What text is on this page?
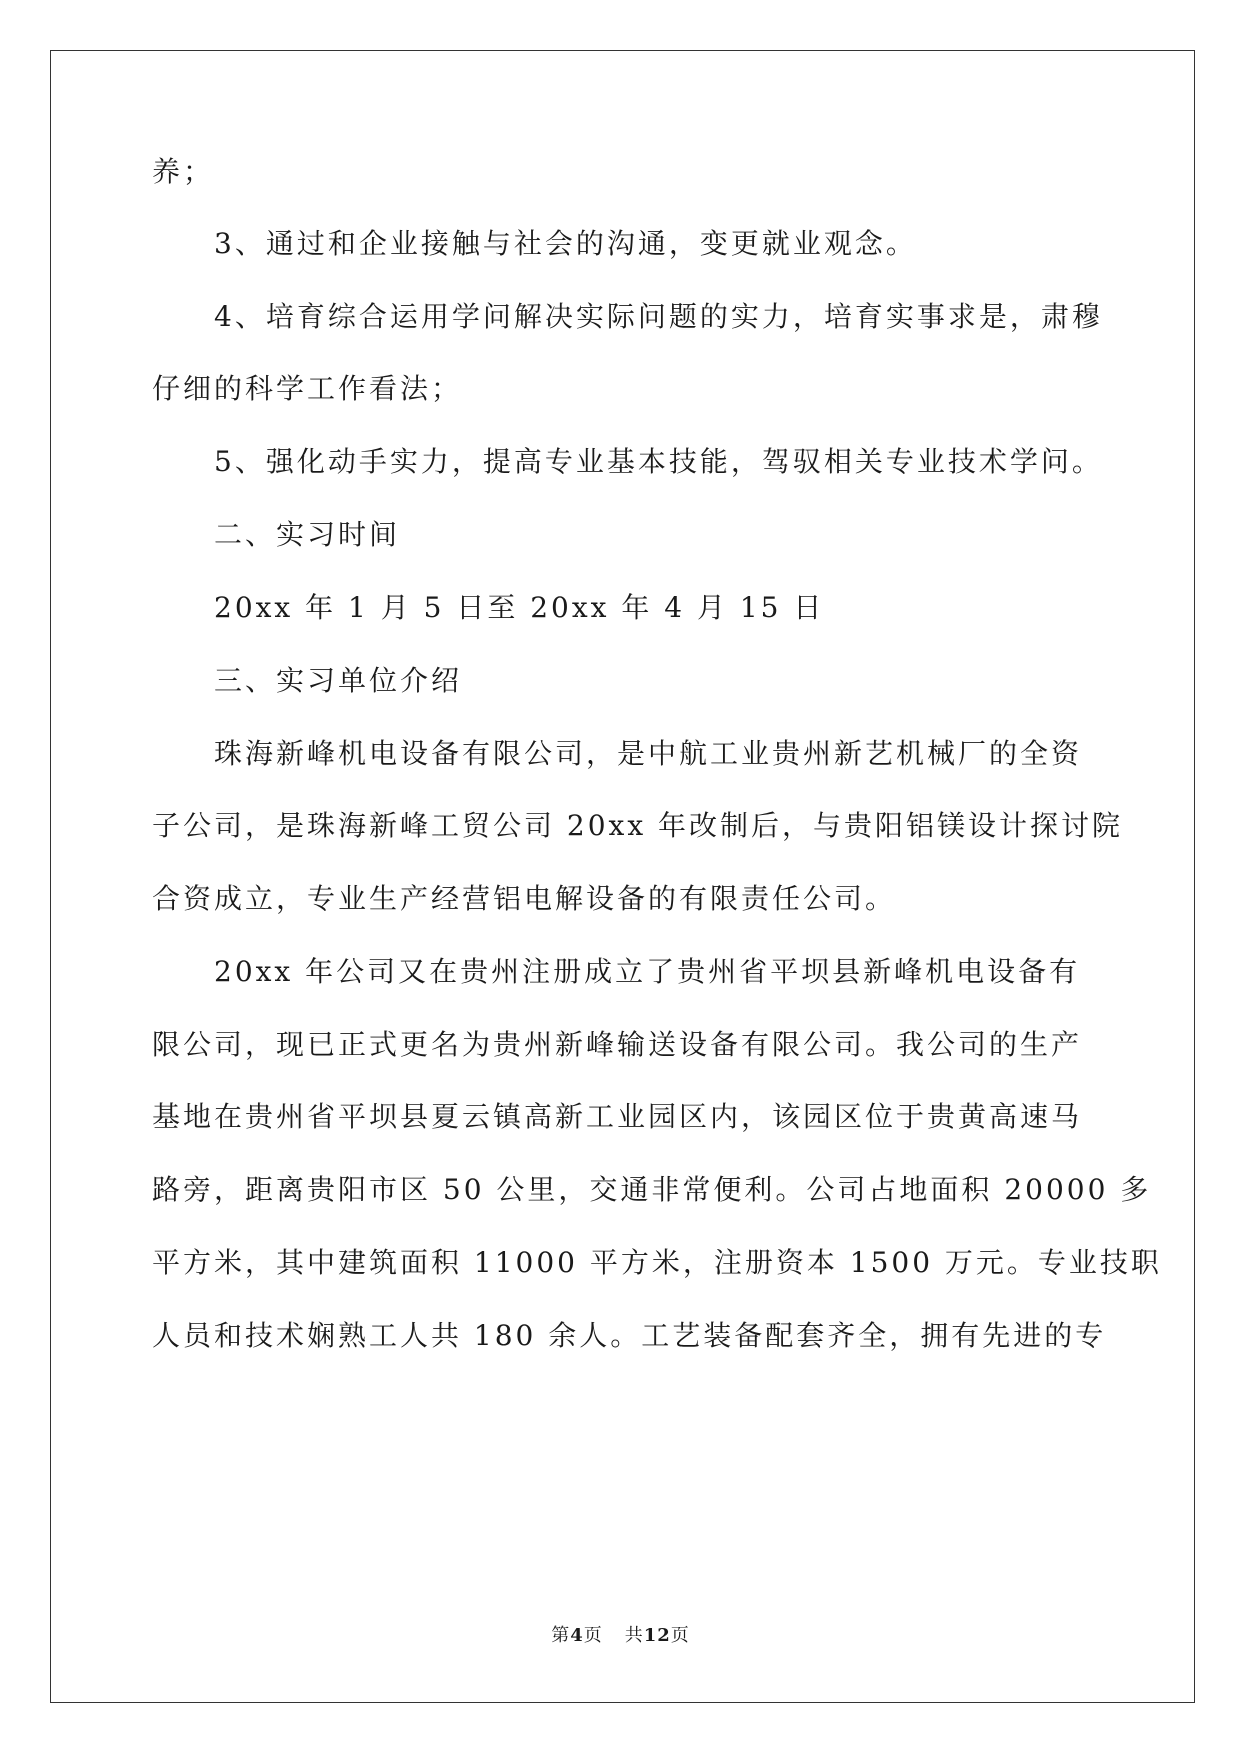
养；
3、通过和企业接触与社会的沟通，变更就业观念。
4、培育综合运用学问解决实际问题的实力，培育实事求是，肃穆
仔细的科学工作看法；
5、强化动手实力，提高专业基本技能，驾驭相关专业技术学问。
二、实习时间
20xx 年 1 月 5 日至 20xx 年 4 月 15 日
三、实习单位介绍
珠海新峰机电设备有限公司，是中航工业贵州新艺机械厂的全资
子公司，是珠海新峰工贸公司 20xx 年改制后，与贵阳铝镁设计探讨院
合资成立，专业生产经营铝电解设备的有限责任公司。
20xx 年公司又在贵州注册成立了贵州省平坝县新峰机电设备有
限公司，现已正式更名为贵州新峰输送设备有限公司。我公司的生产
基地在贵州省平坝县夏云镇高新工业园区内，该园区位于贵黄高速马
路旁，距离贵阳市区 50 公里，交通非常便利。公司占地面积 20000 多
平方米，其中建筑面积 11000 平方米，注册资本 1500 万元。专业技职
人员和技术娴熟工人共 180 余人。工艺装备配套齐全，拥有先进的专
第4页 共12页
